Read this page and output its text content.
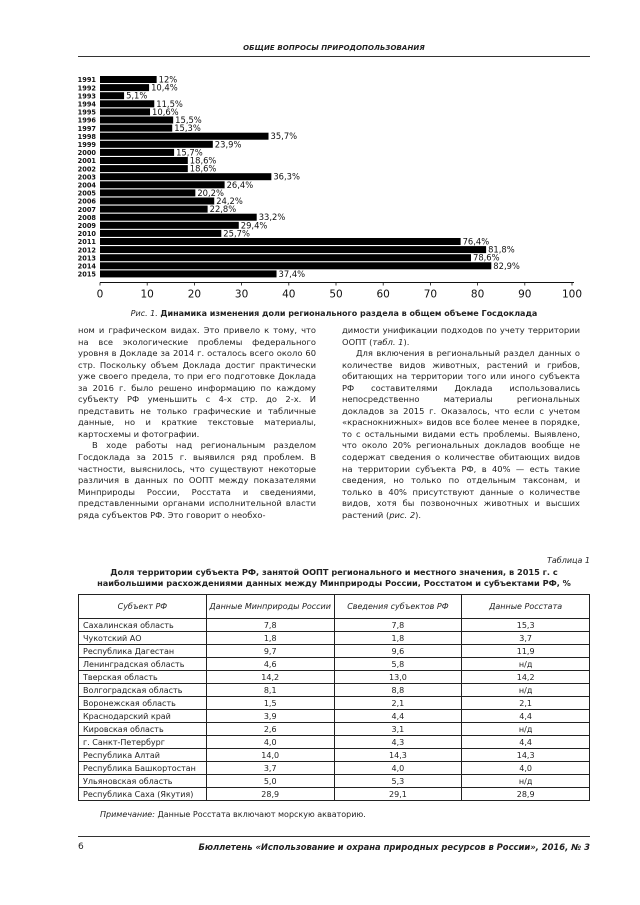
ОБЩИЕ ВОПРОСЫ ПРИРОДОПОЛЬЗОВАНИЯ
1991	12%
1992	10,4%
1993	5,1%
1994	11,5%
1995	10,6%
1996	15,5%
1997	15,3%
1998	35,7%
1999	23,9%
2000	15,7%
2001	18,6%
2002	18,6%
2003	36,3%
2004	26,4%
2005	20,2%
2006	24,2%
2007	22,8%
2008	33,2%
2009	29,4%
2010	25,7%
2011	76,4%
2012	81,8%
2013	78,6%
2014	82,9%
2015	37,4%
0	10	20	30	40	50	60	70	80	90	100
Рис. 1. Динамика изменения доли регионального раздела в общем объеме Госдоклада

ном и графическом видах. Это привело к тому, что на все экологические проблемы федерального уровня в Докладе за 2014 г. осталось всего около 60 стр. Поскольку объем Доклада достиг практически уже своего предела, то при его подготовке Доклада за 2016 г. было решено информацию по каждому субъекту РФ уменьшить с 4-х стр. до 2-х. И представить не только графические и табличные данные, но и краткие текстовые материалы, картосхемы и фотографии.

В ходе работы над региональным разделом Госдоклада за 2015 г. выявился ряд проблем. В частности, выяснилось, что существуют некоторые различия в данных по ООПТ между показателями Минприроды России, Росстата и сведениями, представленными органами исполнительной власти ряда субъектов РФ. Это говорит о необхо-

димости унификации подходов по учету территории ООПТ (табл. 1).

Для включения в региональный раздел данных о количестве видов животных, растений и грибов, обитающих на территории того или иного субъекта РФ составителями Доклада использовались непосредственно материалы региональных докладов за 2015 г. Оказалось, что если с учетом «краснокнижных» видов все более менее в порядке, то с остальными видами есть проблемы. Выявлено, что около 20% региональных докладов вообще не содержат сведения о количестве обитающих видов на территории субъекта РФ, в 40% — есть такие сведения, но только по отдельным таксонам, и только в 40% присутствуют данные о количестве видов, хотя бы позвоночных животных и высших растений (рис. 2).

Таблица 1
Доля территории субъекта РФ, занятой ООПТ регионального и местного значения, в 2015 г. с наибольшими расхождениями данных между Минприроды России, Росстатом и субъектами РФ, %
Субъект РФ	Данные Минприроды России	Сведения субъектов РФ	Данные Росстата
Сахалинская область	7,8	7,8	15,3
Чукотский АО	1,8	1,8	3,7
Республика Дагестан	9,7	9,6	11,9
Ленинградская область	4,6	5,8	н/д
Тверская область	14,2	13,0	14,2
Волгоградская область	8,1	8,8	н/д
Воронежская область	1,5	2,1	2,1
Краснодарский край	3,9	4,4	4,4
Кировская область	2,6	3,1	н/д
г. Санкт-Петербург	4,0	4,3	4,4
Республика Алтай	14,0	14,3	14,3
Республика Башкортостан	3,7	4,0	4,0
Ульяновская область	5,0	5,3	н/д
Республика Саха (Якутия)	28,9	29,1	28,9
Примечание: Данные Росстата включают морскую акваторию.
6	Бюллетень «Использование и охрана природных ресурсов в России», 2016, № 3
